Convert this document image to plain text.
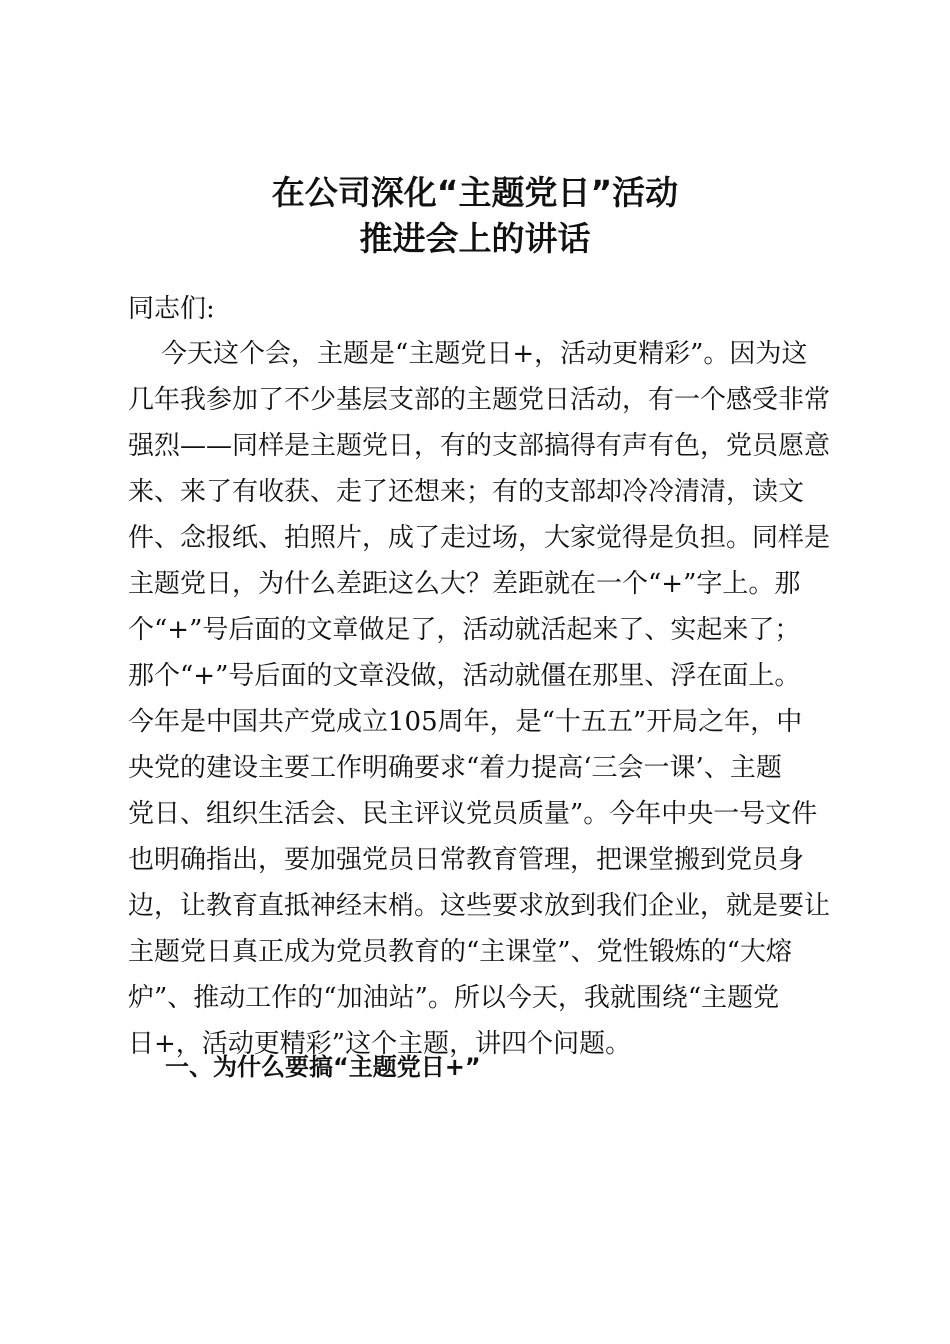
在公司深化“主题党日”活动
推进会上的讲话

同志们:

今天这个会，主题是“主题党日+，活动更精彩”。因为这

几年我参加了不少基层支部的主题党日活动，有一个感受非常

强烈——同样是主题党日，有的支部搞得有声有色，党员愿意

来、来了有收获、走了还想来；有的支部却冷冷清清，读文

件、念报纸、拍照片，成了走过场，大家觉得是负担。同样是

主题党日，为什么差距这么大？差距就在一个“+”字上。那

个“+”号后面的文章做足了，活动就活起来了、实起来了；

那个“+”号后面的文章没做，活动就僵在那里、浮在面上。

今年是中国共产党成立105周年，是“十五五”开局之年，中

央党的建设主要工作明确要求“着力提高‘三会一课’、主题

党日、组织生活会、民主评议党员质量”。今年中央一号文件

也明确指出，要加强党员日常教育管理，把课堂搬到党员身

边，让教育直抵神经末梢。这些要求放到我们企业，就是要让

主题党日真正成为党员教育的“主课堂”、党性锻炼的“大熔

炉”、推动工作的“加油站”。所以今天，我就围绕“主题党

日+，活动更精彩”这个主题，讲四个问题。

一、为什么要搞“主题党日+”
